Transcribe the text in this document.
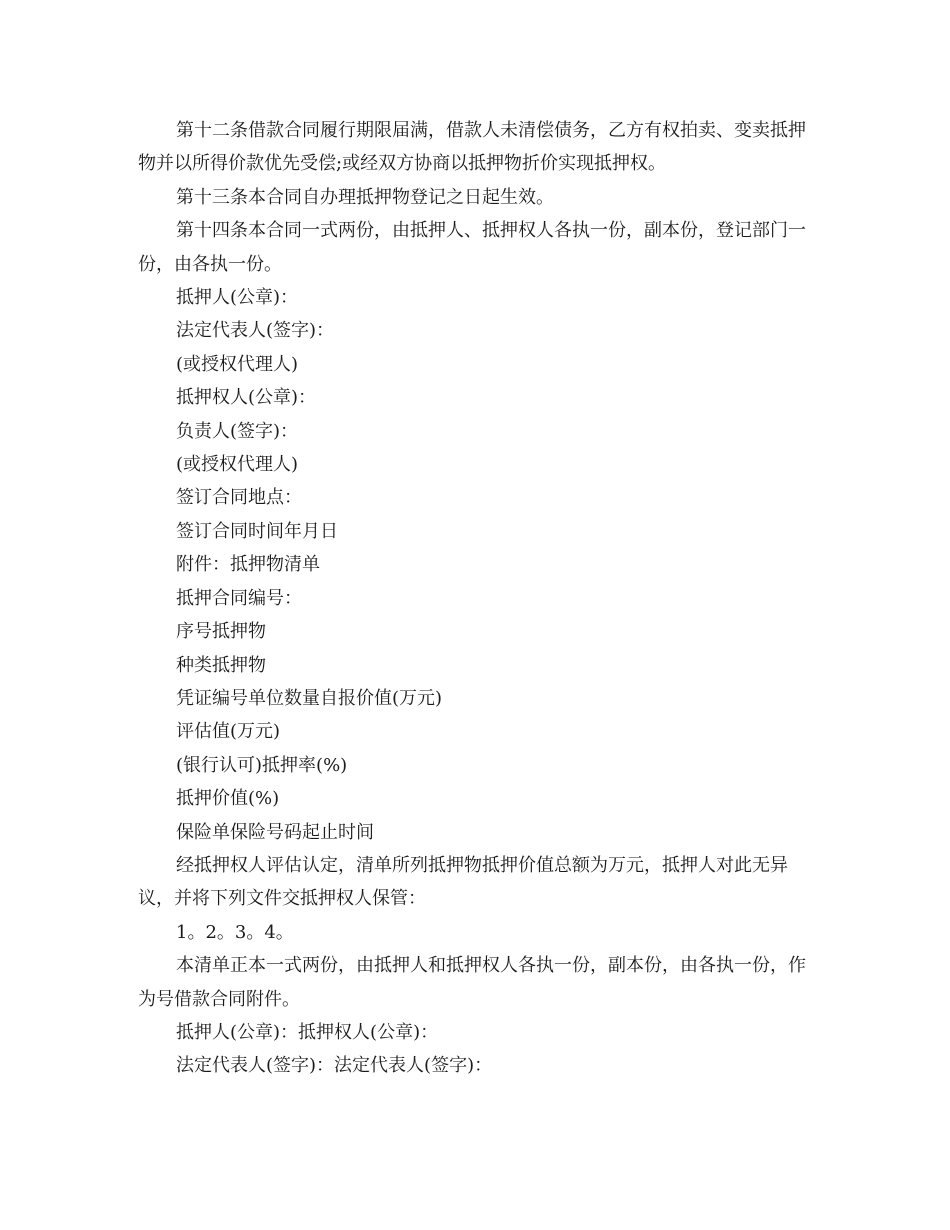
第十二条借款合同履行期限届满，借款人未清偿债务，乙方有权拍卖、变卖抵押物并以所得价款优先受偿;或经双方协商以抵押物折价实现抵押权。

第十三条本合同自办理抵押物登记之日起生效。

第十四条本合同一式两份，由抵押人、抵押权人各执一份，副本份，登记部门一份，由各执一份。

抵押人(公章)：

法定代表人(签字)：

(或授权代理人)

抵押权人(公章)：

负责人(签字)：

(或授权代理人)

签订合同地点：

签订合同时间年月日

附件：抵押物清单

抵押合同编号：

序号抵押物

种类抵押物

凭证编号单位数量自报价值(万元)

评估值(万元)

(银行认可)抵押率(%)

抵押价值(%)

保险单保险号码起止时间

经抵押权人评估认定，清单所列抵押物抵押价值总额为万元，抵押人对此无异议，并将下列文件交抵押权人保管：

1。2。3。4。

本清单正本一式两份，由抵押人和抵押权人各执一份，副本份，由各执一份，作为号借款合同附件。

抵押人(公章)：抵押权人(公章)：

法定代表人(签字)：法定代表人(签字)：
